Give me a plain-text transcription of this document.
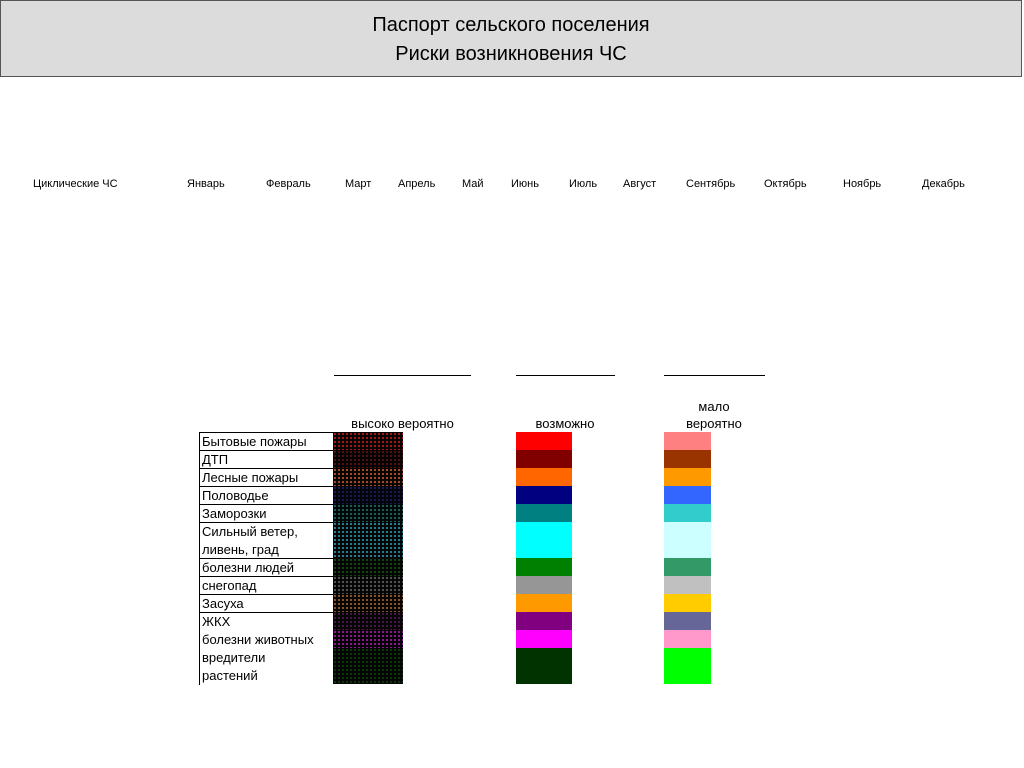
Паспорт сельского поселения
Риски возникновения ЧС
Циклические ЧС	Январь	Февраль	Март Апрель Май Июнь	Июль Август	Сентябрь	Октябрь	Ноябрь	Декабрь
высоко вероятно	возможно
мало
вероятно
Бытовые пожары
ДТП
Лесные пожары
Половодье
Заморозки
Сильный ветер,
ливень, град
болезни людей
снегопад
Засуха
ЖКХ
болезни животных
вредители
растений
